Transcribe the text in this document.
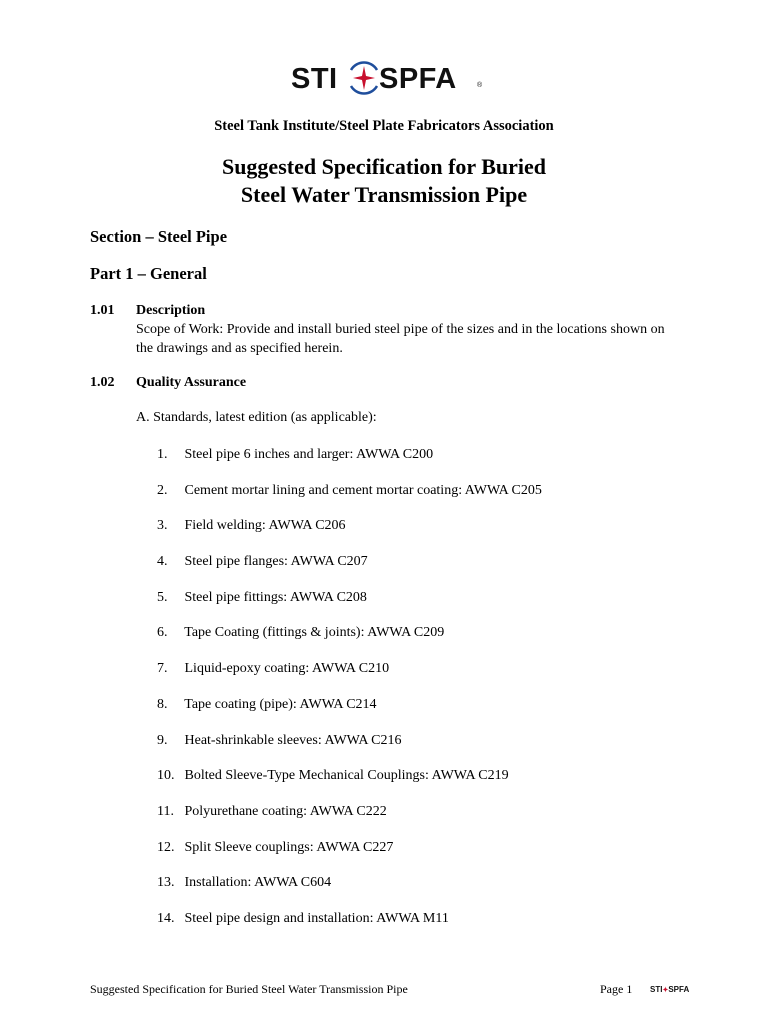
STI SPFA	®
Steel Tank Institute/Steel Plate Fabricators Association
Suggested Specification for Buried
Steel Water Transmission Pipe
Section – Steel Pipe
Part 1 – General
1.01 Description
Scope of Work: Provide and install buried steel pipe of the sizes and in the locations shown on the drawings and as specified herein.
1.02 Quality Assurance
A. Standards, latest edition (as applicable):
1. Steel pipe 6 inches and larger: AWWA C200
2. Cement mortar lining and cement mortar coating: AWWA C205
3. Field welding: AWWA C206
4. Steel pipe flanges: AWWA C207
5. Steel pipe fittings: AWWA C208
6. Tape Coating (fittings & joints): AWWA C209
7. Liquid-epoxy coating: AWWA C210
8. Tape coating (pipe): AWWA C214
9. Heat-shrinkable sleeves: AWWA C216
10. Bolted Sleeve-Type Mechanical Couplings: AWWA C219
11. Polyurethane coating: AWWA C222
12. Split Sleeve couplings: AWWA C227
13. Installation: AWWA C604
14. Steel pipe design and installation: AWWA M11
Suggested Specification for Buried Steel Water Transmission Pipe	Page 1 STI✦SPFA
